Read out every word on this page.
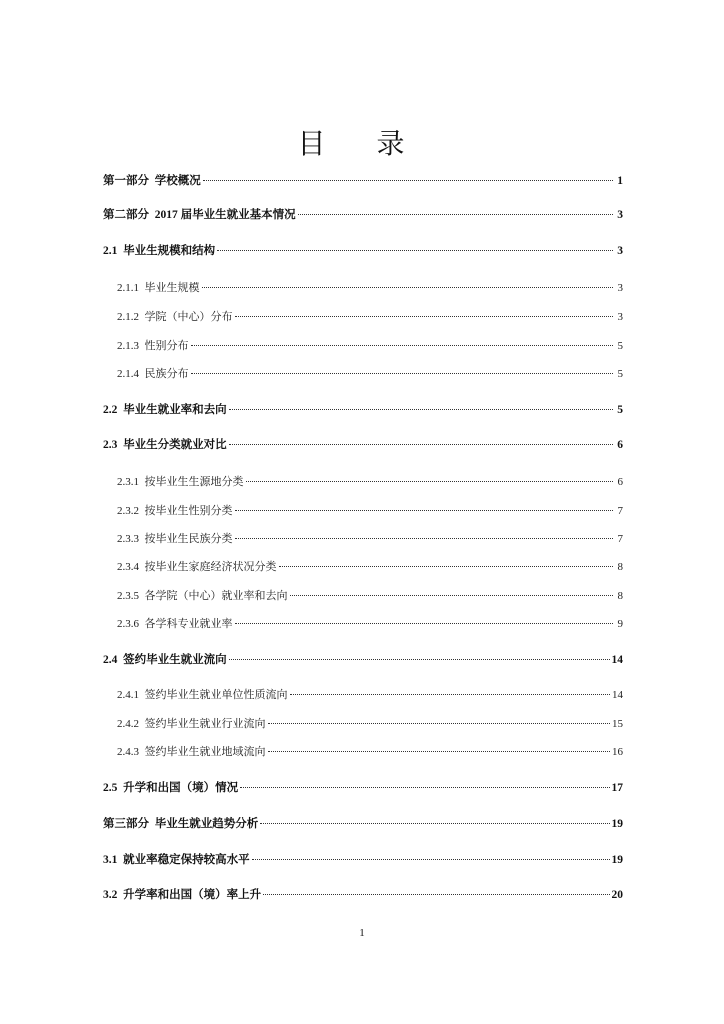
目 录
第一部分  学校概况	1
第二部分  2017 届毕业生就业基本情况	3
2.1  毕业生规模和结构	3
2.1.1  毕业生规模	3
2.1.2  学院（中心）分布	3
2.1.3  性别分布	5
2.1.4  民族分布	5
2.2  毕业生就业率和去向	5
2.3  毕业生分类就业对比	6
2.3.1  按毕业生生源地分类	6
2.3.2  按毕业生性别分类	7
2.3.3  按毕业生民族分类	7
2.3.4  按毕业生家庭经济状况分类	8
2.3.5  各学院（中心）就业率和去向	8
2.3.6  各学科专业就业率	9
2.4  签约毕业生就业流向	14
2.4.1  签约毕业生就业单位性质流向	14
2.4.2  签约毕业生就业行业流向	15
2.4.3  签约毕业生就业地域流向	16
2.5  升学和出国（境）情况	17
第三部分  毕业生就业趋势分析	19
3.1  就业率稳定保持较高水平	19
3.2  升学率和出国（境）率上升	20
1
